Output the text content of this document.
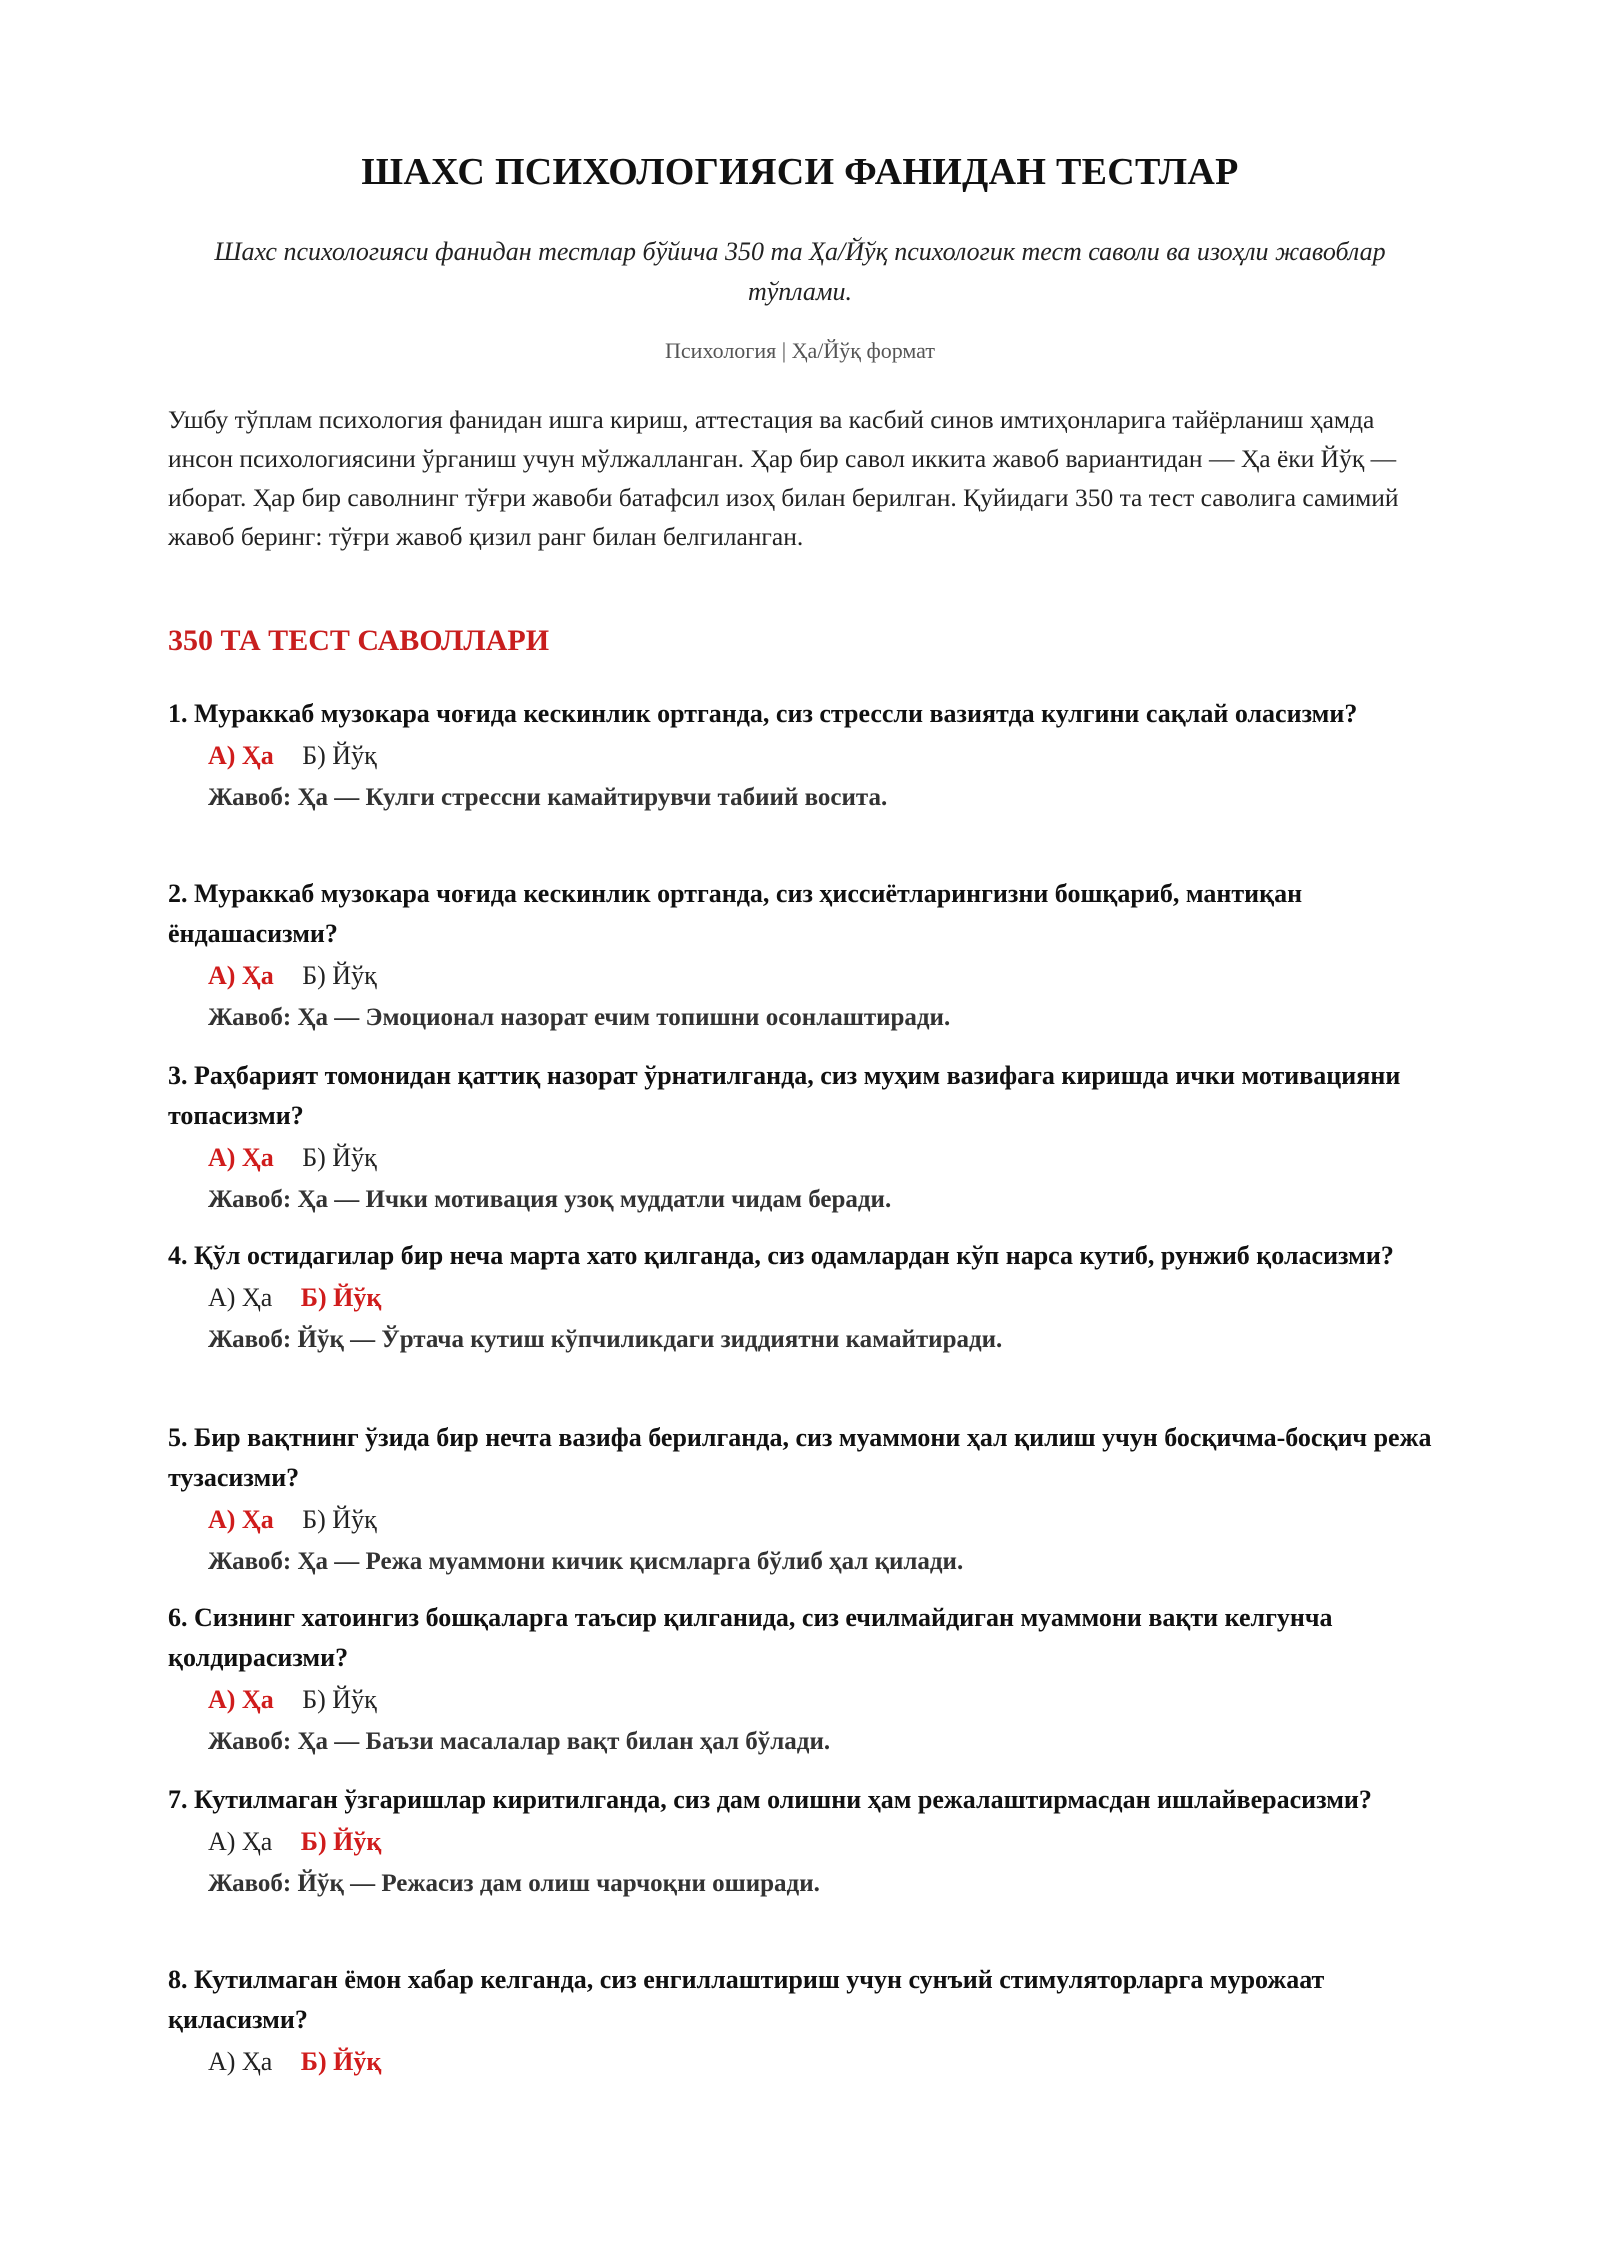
ШАХС ПСИХОЛОГИЯСИ ФАНИДАН ТЕСТЛАР
Шахс психологияси фанидан тестлар бўйича 350 та Ҳа/Йўқ психологик тест саволи ва изоҳли жавоблар тўплами.
Психология | Ҳа/Йўқ формат
Ушбу тўплам психология фанидан ишга кириш, аттестация ва касбий синов имтиҳонларига тайёрланиш ҳамда инсон психологиясини ўрганиш учун мўлжалланган. Ҳар бир савол иккита жавоб вариантидан — Ҳа ёки Йўқ — иборат. Ҳар бир саволнинг тўғри жавоби батафсил изоҳ билан берилган. Қуйидаги 350 та тест саволига самимий жавоб беринг: тўғри жавоб қизил ранг билан белгиланган.
350 ТА ТЕСТ САВОЛЛАРИ
1. Мураккаб музокара чоғида кескинлик ортганда, сиз стрессли вазиятда кулгини сақлай оласизми?
А) Ҳа Б) Йўқ
Жавоб: Ҳа — Кулги стрессни камайтирувчи табиий восита.
2. Мураккаб музокара чоғида кескинлик ортганда, сиз ҳиссиётларингизни бошқариб, мантиқан ёндашасизми?
А) Ҳа Б) Йўқ
Жавоб: Ҳа — Эмоционал назорат ечим топишни осонлаштиради.
3. Раҳбарият томонидан қаттиқ назорат ўрнатилганда, сиз муҳим вазифага киришда ички мотивацияни топасизми?
А) Ҳа Б) Йўқ
Жавоб: Ҳа — Ички мотивация узоқ муддатли чидам беради.
4. Қўл остидагилар бир неча марта хато қилганда, сиз одамлардан кўп нарса кутиб, рунжиб қоласизми?
А) Ҳа Б) Йўқ
Жавоб: Йўқ — Ўртача кутиш кўпчиликдаги зиддиятни камайтиради.
5. Бир вақтнинг ўзида бир нечта вазифа берилганда, сиз муаммони ҳал қилиш учун босқичма-босқич режа тузасизми?
А) Ҳа Б) Йўқ
Жавоб: Ҳа — Режа муаммони кичик қисмларга бўлиб ҳал қилади.
6. Сизнинг хатоингиз бошқаларга таъсир қилганида, сиз ечилмайдиган муаммони вақти келгунча қолдирасизми?
А) Ҳа Б) Йўқ
Жавоб: Ҳа — Баъзи масалалар вақт билан ҳал бўлади.
7. Кутилмаган ўзгаришлар киритилганда, сиз дам олишни ҳам режалаштирмасдан ишлайверасизми?
А) Ҳа Б) Йўқ
Жавоб: Йўқ — Режасиз дам олиш чарчоқни оширади.
8. Кутилмаган ёмон хабар келганда, сиз енгиллаштириш учун сунъий стимуляторларга мурожаат қиласизми?
А) Ҳа Б) Йўқ
